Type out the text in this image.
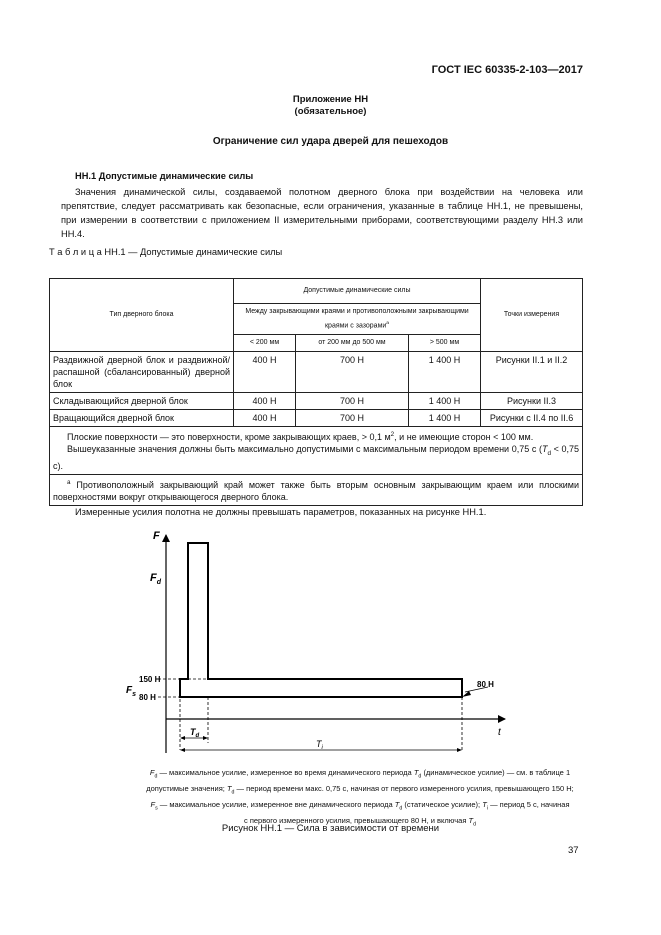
ГОСТ IEC 60335-2-103—2017
Приложение НН
(обязательное)
Ограничение сил удара дверей для пешеходов
НН.1 Допустимые динамические силы
Значения динамической силы, создаваемой полотном дверного блока при воздействии на человека или препятствие, следует рассматривать как безопасные, если ограничения, указанные в таблице НН.1, не превышены, при измерении в соответствии с приложением II измерительными приборами, соответствующими разделу НН.3 или НН.4.
Т а б л и ц а НН.1 — Допустимые динамические силы
Тип дверного блока	Допустимые динамические силы			Точки измерения
	Между закрывающими краями и противоположными закрывающими краями с зазорами$^а$
	< 200 мм	от 200 мм до 500 мм	> 500 мм	
Раздвижной дверной блок и раздвижной/распашной (сбалансированный) дверной блок	400 Н	700 Н	1 400 Н	Рисунки II.1 и II.2
Складывающийся дверной блок	400 Н	700 Н	1 400 Н	Рисунки II.3
Вращающийся дверной блок	400 Н	700 Н	1 400 Н	Рисунки с II.4 по II.6

Плоские поверхности — это поверхности, кроме закрывающих краев, > 0,1 $м^2$, и не имеющие сторон < 100 мм.
Вышеуказанные значения должны быть максимально допустимыми с максимальным периодом времени 0,75 с ($T_d < 0,75$ с).				

$^а$ Противоположный закрывающий край может также быть вторым основным закрывающим краем или плоскими поверхностями вокруг открывающегося дверного блока.				
Измеренные усилия полотна не должны превышать параметров, показанных на рисунке НН.1.
F
t
$F_d$
$F_s$
150 Н
80 Н
80 Н
$T_d$
$T_i$
$F_d$ — максимальное усилие, измеренное во время динамического периода $T_d$ (динамическое усилие) — см. в таблице 1
допустимые значения; $T_d$ — период времени макс. 0,75 с, начиная от первого измеренного усилия, превышающего 150 Н;
$F_s$ — максимальное усилие, измеренное вне динамического периода $T_d$ (статическое усилие); $T_i$ — период 5 с, начиная
с первого измеренного усилия, превышающего 80 Н, и включая $T_d$
Рисунок НН.1 — Сила в зависимости от времени
37
